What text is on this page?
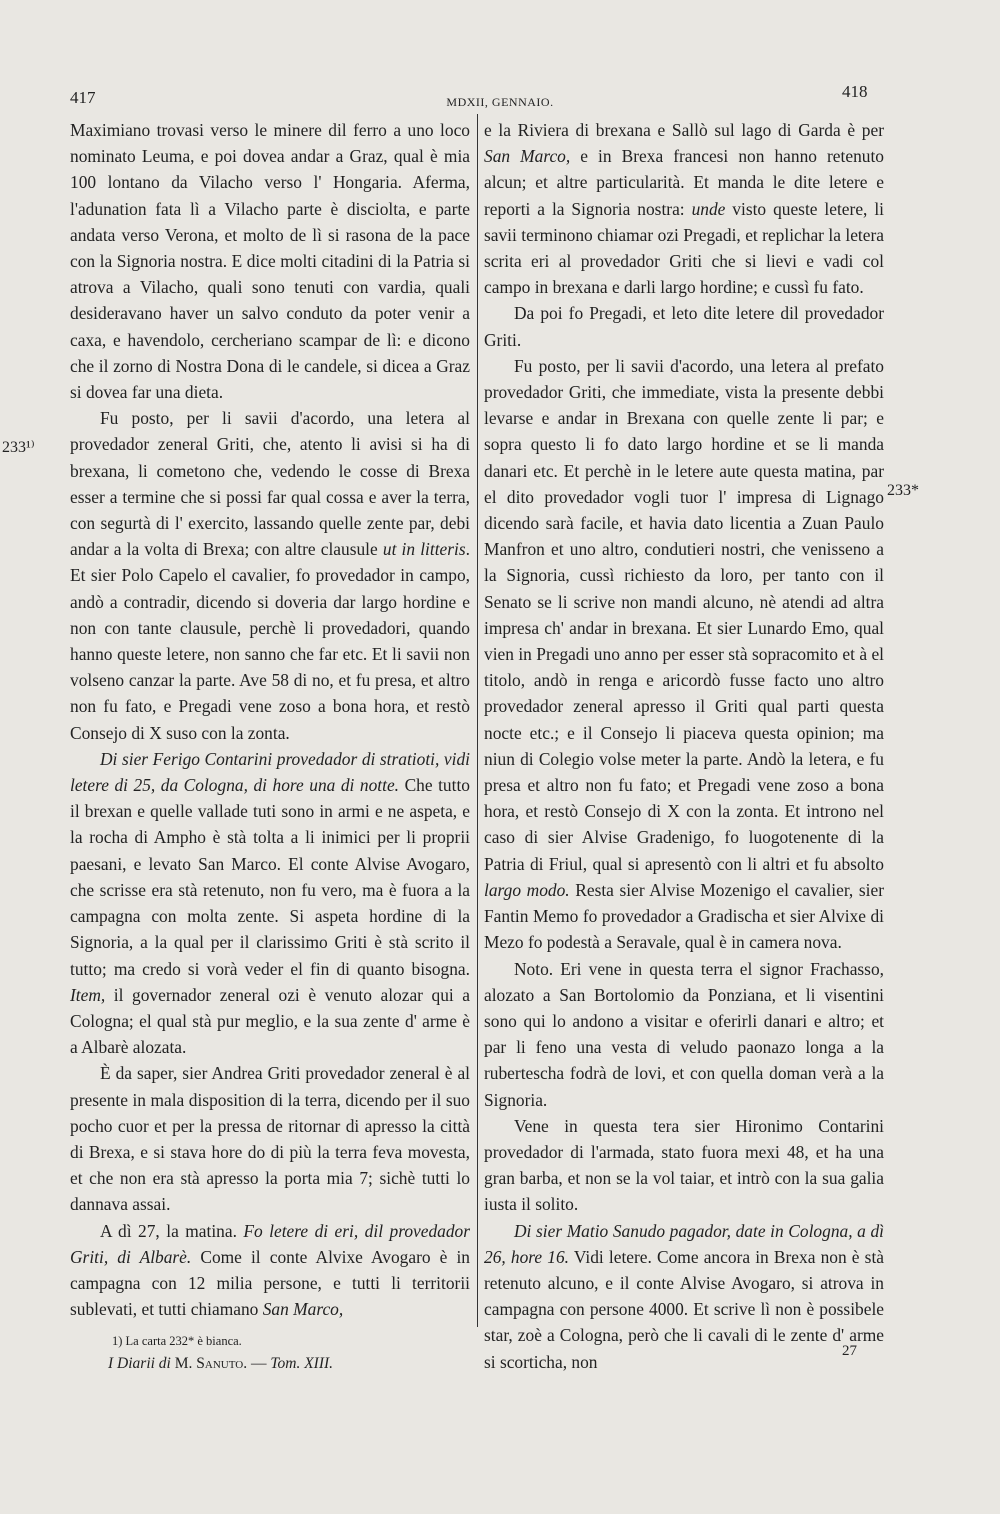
417	MDXII, GENNAIO.
418
233¹⁾
233*

Maximiano trovasi verso le minere dil ferro a uno loco nominato Leuma, e poi dovea andar a Graz, qual è mia 100 lontano da Vilacho verso l' Hongaria. Aferma, l'adunation fata lì a Vilacho parte è disciolta, e parte andata verso Verona, et molto de lì si rasona de la pace con la Signoria nostra. E dice molti citadini di la Patria si atrova a Vilacho, quali sono tenuti con vardia, quali desideravano haver un salvo conduto da poter venir a caxa, e havendolo, cercheriano scampar de lì: e dicono che il zorno di Nostra Dona di le candele, si dicea a Graz si dovea far una dieta.

Fu posto, per li savii d'acordo, una letera al provedador zeneral Griti, che, atento li avisi si ha di brexana, li cometono che, vedendo le cosse di Brexa esser a termine che si possi far qual cossa e aver la terra, con segurtà di l' exercito, lassando quelle zente par, debi andar a la volta di Brexa; con altre clausule ut in litteris. Et sier Polo Capelo el cavalier, fo provedador in campo, andò a contradir, dicendo si doveria dar largo hordine e non con tante clausule, perchè li provedadori, quando hanno queste letere, non sanno che far etc. Et li savii non volseno canzar la parte. Ave 58 di no, et fu presa, et altro non fu fato, e Pregadi vene zoso a bona hora, et restò Consejo di X suso con la zonta.

Di sier Ferigo Contarini provedador di stratioti, vidi letere di 25, da Cologna, di hore una di notte. Che tutto il brexan e quelle vallade tuti sono in armi e ne aspeta, e la rocha di Ampho è stà tolta a li inimici per li proprii paesani, e levato San Marco. El conte Alvise Avogaro, che scrisse era stà retenuto, non fu vero, ma è fuora a la campagna con molta zente. Si aspeta hordine di la Signoria, a la qual per il clarissimo Griti è stà scrito il tutto; ma credo si vorà veder el fin di quanto bisogna. Item, il governador zeneral ozi è venuto alozar qui a Cologna; el qual stà pur meglio, e la sua zente d' arme è a Albarè alozata.

È da saper, sier Andrea Griti provedador zeneral è al presente in mala disposition di la terra, dicendo per il suo pocho cuor et per la pressa de ritornar di apresso la città di Brexa, e si stava hore do di più la terra feva movesta, et che non era stà apresso la porta mia 7; sichè tutti lo dannava assai.

A dì 27, la matina. Fo letere di eri, dil provedador Griti, di Albarè. Come il conte Alvixe Avogaro è in campagna con 12 milia persone, e tutti li territorii sublevati, et tutti chiamano San Marco,

e la Riviera di brexana e Sallò sul lago di Garda è per San Marco, e in Brexa francesi non hanno retenuto alcun; et altre particularità. Et manda le dite letere e reporti a la Signoria nostra: unde visto queste letere, li savii terminono chiamar ozi Pregadi, et replichar la letera scrita eri al provedador Griti che si lievi e vadi col campo in brexana e darli largo hordine; e cussì fu fato.

Da poi fo Pregadi, et leto dite letere dil provedador Griti.

Fu posto, per li savii d'acordo, una letera al prefato provedador Griti, che immediate, vista la presente debbi levarse e andar in Brexana con quelle zente li par; e sopra questo li fo dato largo hordine et se li manda danari etc. Et perchè in le letere aute questa matina, par el dito provedador vogli tuor l' impresa di Lignago dicendo sarà facile, et havia dato licentia a Zuan Paulo Manfron et uno altro, condutieri nostri, che venisseno a la Signoria, cussì richiesto da loro, per tanto con il Senato se li scrive non mandi alcuno, nè atendi ad altra impresa ch' andar in brexana. Et sier Lunardo Emo, qual vien in Pregadi uno anno per esser stà sopracomito et à el titolo, andò in renga e aricordò fusse facto uno altro provedador zeneral apresso il Griti qual parti questa nocte etc.; e il Consejo li piaceva questa opinion; ma niun di Colegio volse meter la parte. Andò la letera, e fu presa et altro non fu fato; et Pregadi vene zoso a bona hora, et restò Consejo di X con la zonta. Et introno nel caso di sier Alvise Gradenigo, fo luogotenente di la Patria di Friul, qual si apresentò con li altri et fu absolto largo modo. Resta sier Alvise Mozenigo el cavalier, sier Fantin Memo fo provedador a Gradischa et sier Alvixe di Mezo fo podestà a Seravale, qual è in camera nova.

Noto. Eri vene in questa terra el signor Frachasso, alozato a San Bortolomio da Ponziana, et li visentini sono qui lo andono a visitar e oferirli danari e altro; et par li feno una vesta di veludo paonazo longa a la rubertescha fodrà de lovi, et con quella doman verà a la Signoria.

Vene in questa tera sier Hironimo Contarini provedador di l'armada, stato fuora mexi 48, et ha una gran barba, et non se la vol taiar, et intrò con la sua galia iusta il solito.

Di sier Matio Sanudo pagador, date in Cologna, a dì 26, hore 16. Vidi letere. Come ancora in Brexa non è stà retenuto alcuno, e il conte Alvise Avogaro, si atrova in campagna con persone 4000. Et scrive lì non è possibele star, zoè a Cologna, però che li cavali di le zente d' arme si scorticha, non

1) La carta 232* è bianca.
I Diarii di M. Sanuto. — Tom. XIII.
27
